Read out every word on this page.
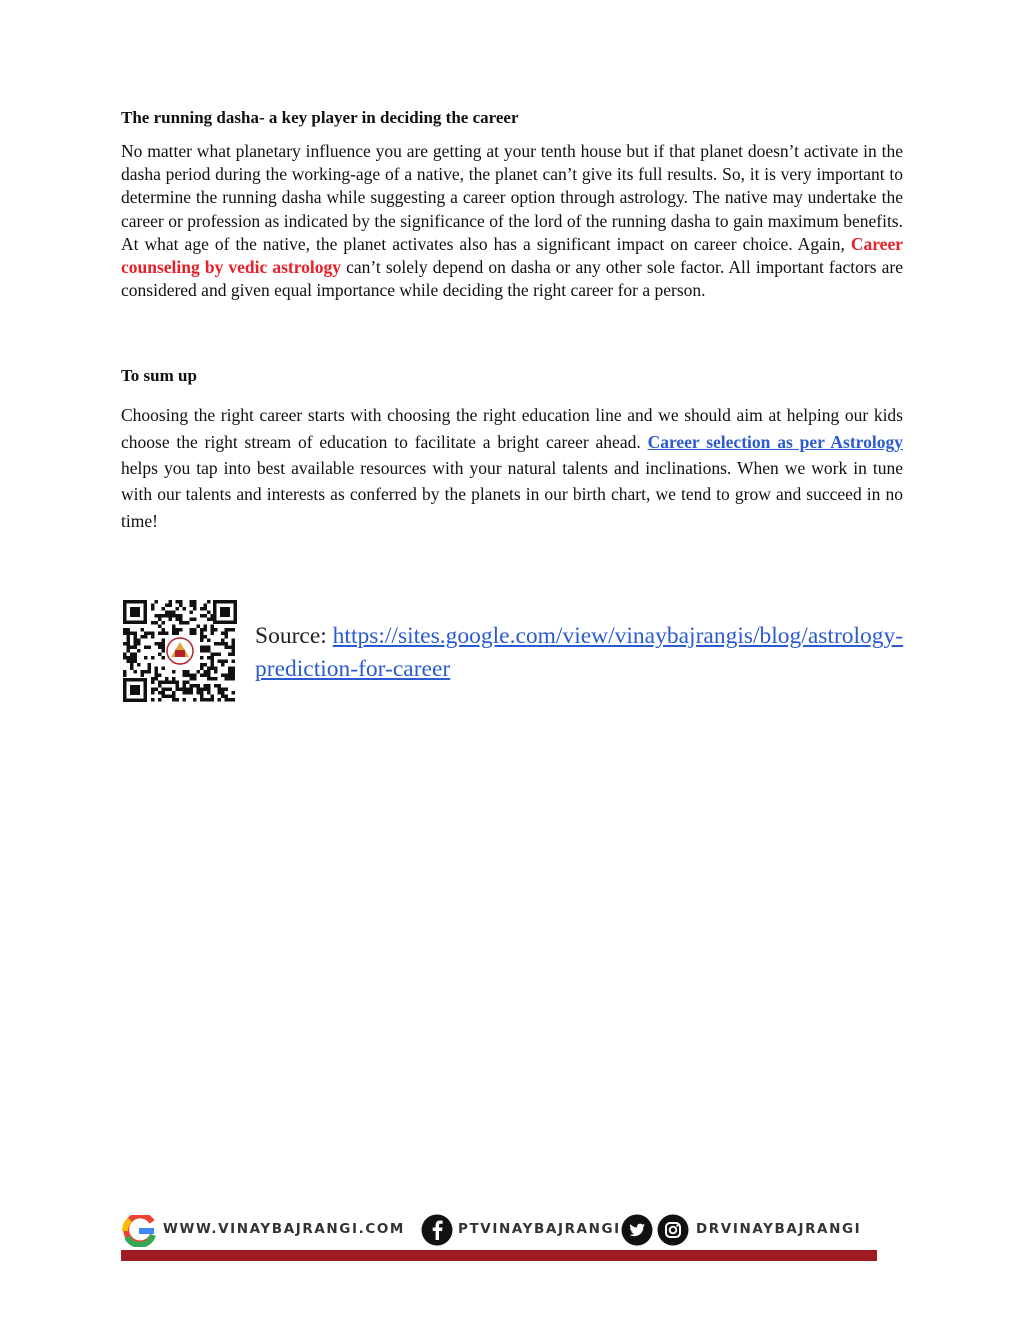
The running dasha- a key player in deciding the career

No matter what planetary influence you are getting at your tenth house but if that planet doesn’t activate in the dasha period during the working-age of a native, the planet can’t give its full results. So, it is very important to determine the running dasha while suggesting a career option through astrology. The native may undertake the career or profession as indicated by the significance of the lord of the running dasha to gain maximum benefits. At what age of the native, the planet activates also has a significant impact on career choice. Again, Career counseling by vedic astrology can’t solely depend on dasha or any other sole factor. All important factors are considered and given equal importance while deciding the right career for a person.

To sum up

Choosing the right career starts with choosing the right education line and we should aim at helping our kids choose the right stream of education to facilitate a bright career ahead. Career selection as per Astrology helps you tap into best available resources with your natural talents and inclinations. When we work in tune with our talents and interests as conferred by the planets in our birth chart, we tend to grow and succeed in no time!

Source: https://sites.google.com/view/vinaybajrangis/blog/astrology-prediction-for-career
WWW.VINAYBAJRANGI.COM	PTVINAYBAJRANGI	DRVINAYBAJRANGI
